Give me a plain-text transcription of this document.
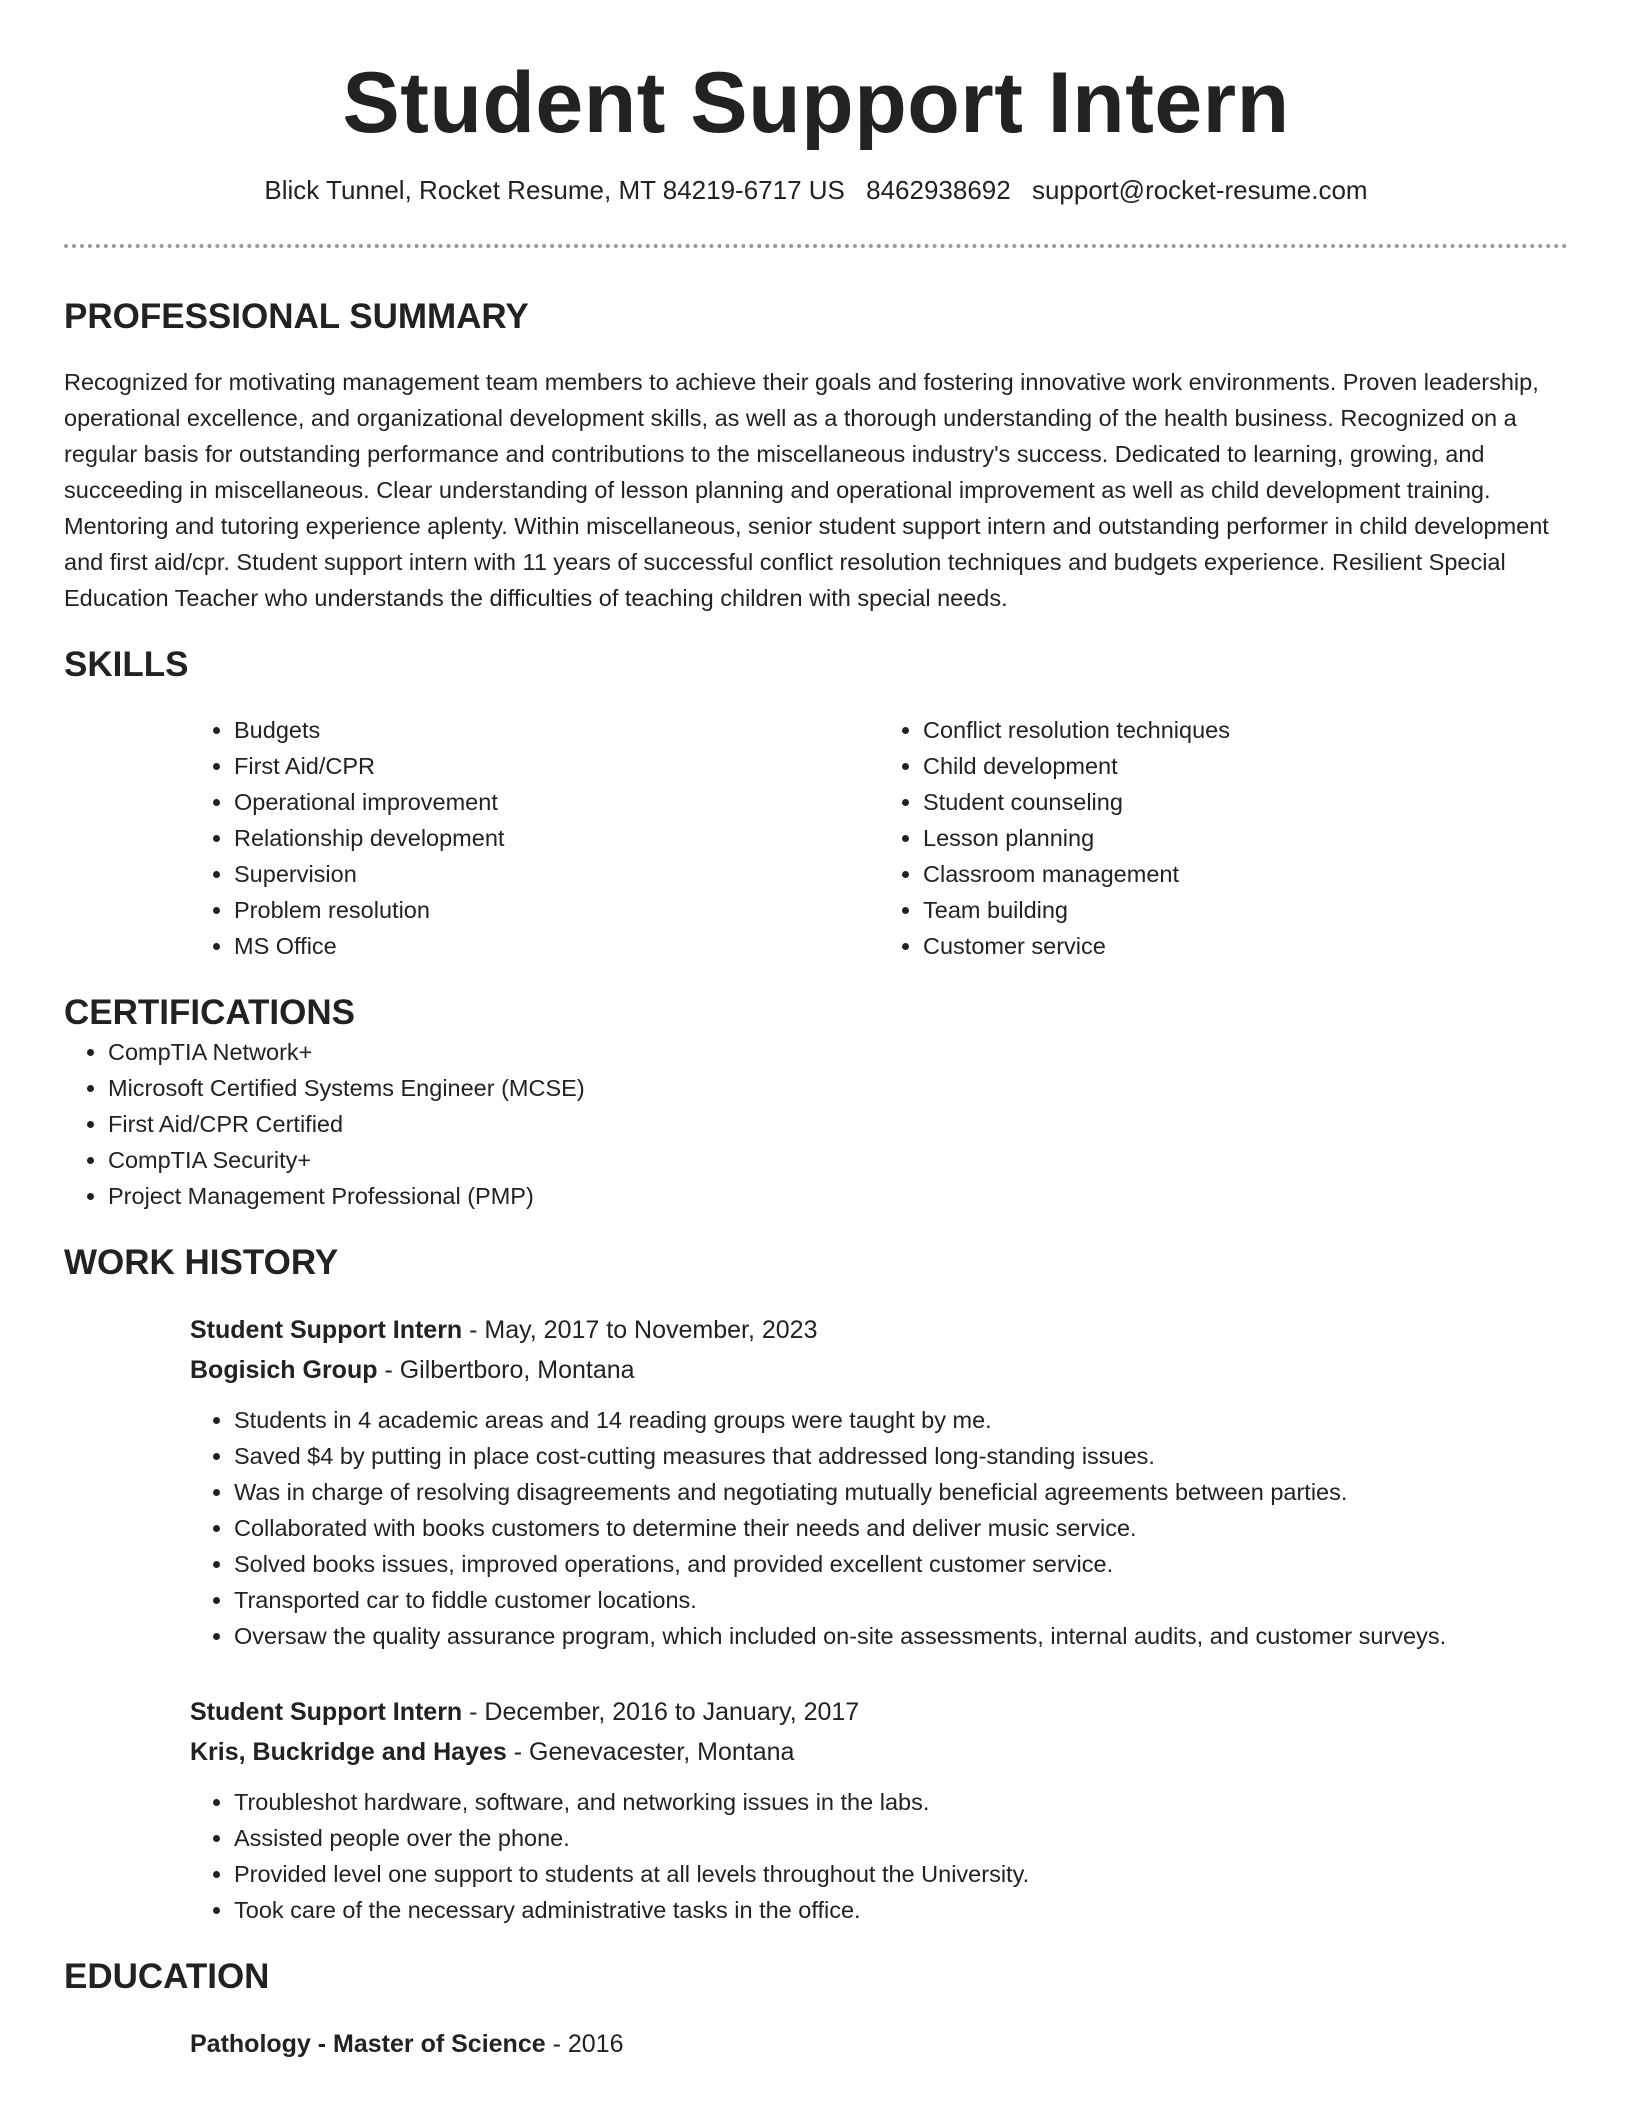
Student Support Intern
Blick Tunnel, Rocket Resume, MT 84219-6717 US 8462938692 support@rocket-resume.com
PROFESSIONAL SUMMARY

Recognized for motivating management team members to achieve their goals and fostering innovative work environments. Proven leadership, operational excellence, and organizational development skills, as well as a thorough understanding of the health business. Recognized on a regular basis for outstanding performance and contributions to the miscellaneous industry's success. Dedicated to learning, growing, and succeeding in miscellaneous. Clear understanding of lesson planning and operational improvement as well as child development training. Mentoring and tutoring experience aplenty. Within miscellaneous, senior student support intern and outstanding performer in child development and first aid/cpr. Student support intern with 11 years of successful conflict resolution techniques and budgets experience. Resilient Special Education Teacher who understands the difficulties of teaching children with special needs.

SKILLS
• Budgets
• First Aid/CPR
• Operational improvement
• Relationship development
• Supervision
• Problem resolution
• MS Office
• Conflict resolution techniques
• Child development
• Student counseling
• Lesson planning
• Classroom management
• Team building
• Customer service
CERTIFICATIONS
• CompTIA Network+
• Microsoft Certified Systems Engineer (MCSE)
• First Aid/CPR Certified
• CompTIA Security+
• Project Management Professional (PMP)
WORK HISTORY
Student Support Intern - May, 2017 to November, 2023
Bogisich Group - Gilbertboro, Montana
• Students in 4 academic areas and 14 reading groups were taught by me.
• Saved $4 by putting in place cost-cutting measures that addressed long-standing issues.
• Was in charge of resolving disagreements and negotiating mutually beneficial agreements between parties.
• Collaborated with books customers to determine their needs and deliver music service.
• Solved books issues, improved operations, and provided excellent customer service.
• Transported car to fiddle customer locations.
• Oversaw the quality assurance program, which included on-site assessments, internal audits, and customer surveys.
Student Support Intern - December, 2016 to January, 2017
Kris, Buckridge and Hayes - Genevacester, Montana
• Troubleshot hardware, software, and networking issues in the labs.
• Assisted people over the phone.
• Provided level one support to students at all levels throughout the University.
• Took care of the necessary administrative tasks in the office.
EDUCATION
Pathology - Master of Science - 2016
